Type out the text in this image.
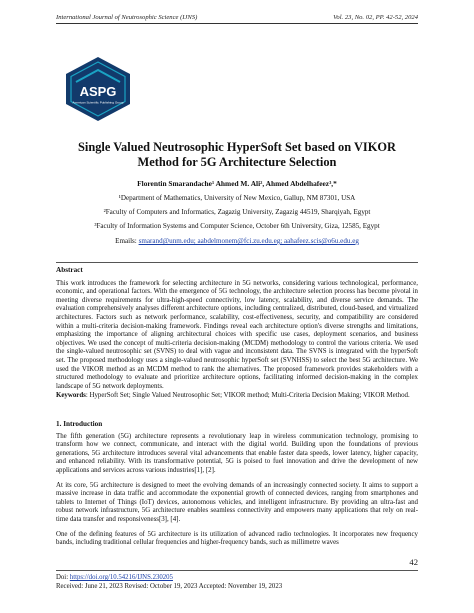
International Journal of Neutrosophic Science (IJNS)	Vol. 23, No. 02, PP. 42-52, 2024
ASPG
American Scientific Publishing Group
Single Valued Neutrosophic HyperSoft Set based on VIKOR Method for 5G Architecture Selection
Florentin Smarandache¹ Ahmed M. Ali², Ahmed Abdelhafeez³,*
¹Department of Mathematics, University of New Mexico, Gallup, NM 87301, USA
²Faculty of Computers and Informatics, Zagazig University, Zagazig 44519, Sharqiyah, Egypt
³Faculty of Information Systems and Computer Science, October 6th University, Giza, 12585, Egypt
Emails: smarand@unm.edu; aabdelmonem@fci.zu.edu.eg; aahafeez.scis@o6u.edu.eg
Abstract

This work introduces the framework for selecting architecture in 5G networks, considering various technological, performance, economic, and operational factors. With the emergence of 5G technology, the architecture selection process has become pivotal in meeting diverse requirements for ultra-high-speed connectivity, low latency, scalability, and diverse service demands. The evaluation comprehensively analyses different architecture options, including centralized, distributed, cloud-based, and virtualized architectures. Factors such as network performance, scalability, cost-effectiveness, security, and compatibility are considered within a multi-criteria decision-making framework. Findings reveal each architecture option's diverse strengths and limitations, emphasizing the importance of aligning architectural choices with specific use cases, deployment scenarios, and business objectives. We used the concept of multi-criteria decision-making (MCDM) methodology to control the various criteria. We used the single-valued neutrosophic set (SVNS) to deal with vague and inconsistent data. The SVNS is integrated with the hyperSoft set. The proposed methodology uses a single-valued neutrosophic hyperSoft set (SVNHSS) to select the best 5G architecture. We used the VIKOR method as an MCDM method to rank the alternatives. The proposed framework provides stakeholders with a structured methodology to evaluate and prioritize architecture options, facilitating informed decision-making in the complex landscape of 5G network deployments.

Keywords: HyperSoft Set; Single Valued Neutrosophic Set; VIKOR method; Multi-Criteria Decision Making; VIKOR Method.
1. Introduction

The fifth generation (5G) architecture represents a revolutionary leap in wireless communication technology, promising to transform how we connect, communicate, and interact with the digital world. Building upon the foundations of previous generations, 5G architecture introduces several vital advancements that enable faster data speeds, lower latency, higher capacity, and enhanced reliability. With its transformative potential, 5G is poised to fuel innovation and drive the development of new applications and services across various industries[1], [2].

At its core, 5G architecture is designed to meet the evolving demands of an increasingly connected society. It aims to support a massive increase in data traffic and accommodate the exponential growth of connected devices, ranging from smartphones and tablets to Internet of Things (IoT) devices, autonomous vehicles, and intelligent infrastructure. By providing an ultra-fast and robust network infrastructure, 5G architecture enables seamless connectivity and empowers many applications that rely on real-time data transfer and responsiveness[3], [4].

One of the defining features of 5G architecture is its utilization of advanced radio technologies. It incorporates new frequency bands, including traditional cellular frequencies and higher-frequency bands, such as millimetre waves

42
Doi: https://doi.org/10.54216/IJNS.230205
Received: June 21, 2023 Revised: October 19, 2023 Accepted: November 19, 2023
